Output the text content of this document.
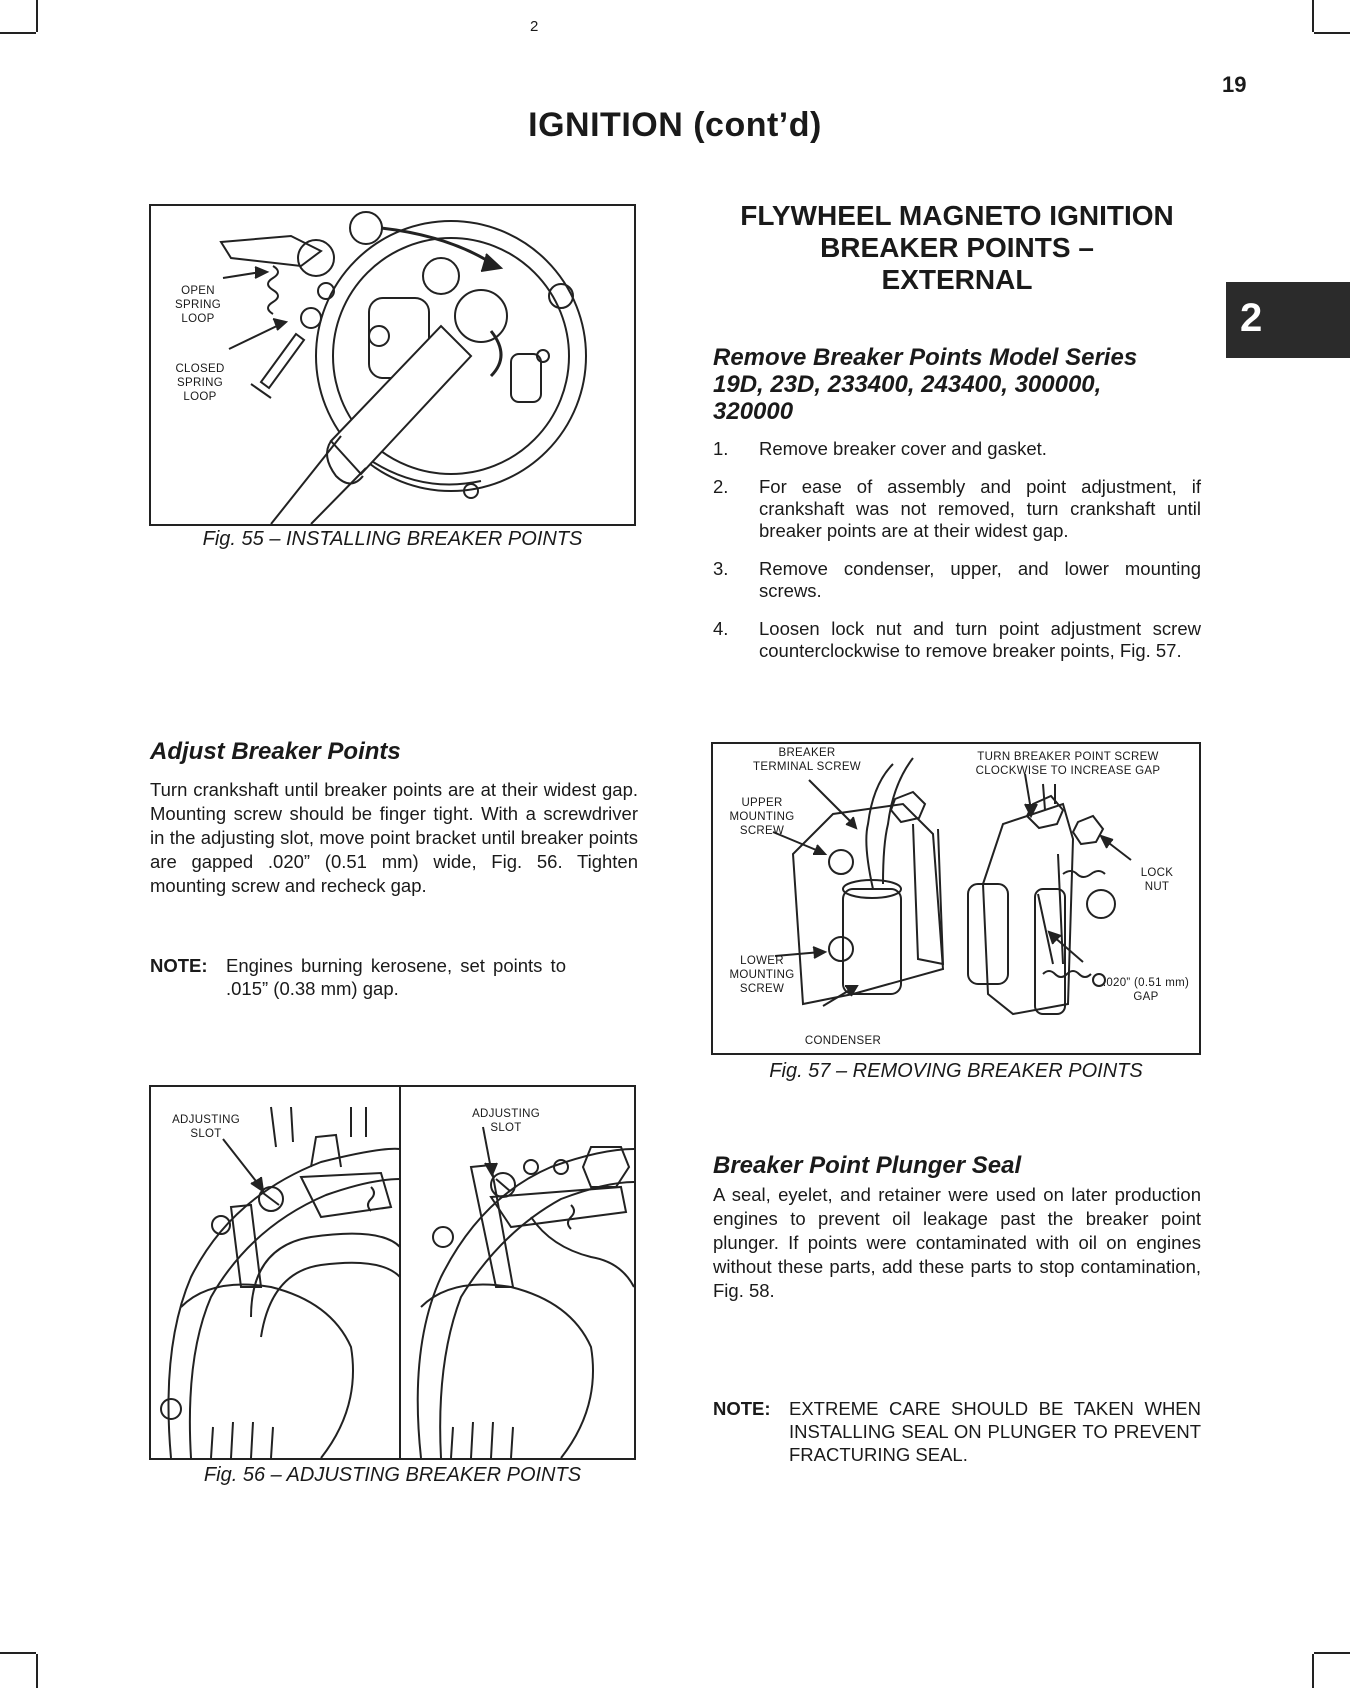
2
19
IGNITION (cont’d)
2
OPEN SPRING LOOP
CLOSED SPRING LOOP
Fig. 55 – INSTALLING BREAKER POINTS
FLYWHEEL MAGNETO IGNITION
BREAKER POINTS –
EXTERNAL
Remove Breaker Points Model Series 19D, 23D, 233400, 243400, 300000, 320000
1. Remove breaker cover and gasket.
2. For ease of assembly and point adjustment, if crankshaft was not removed, turn crankshaft until breaker points are at their widest gap.
3. Remove condenser, upper, and lower mounting screws.
4. Loosen lock nut and turn point adjustment screw counterclockwise to remove breaker points, Fig. 57.
Adjust Breaker Points
Turn crankshaft until breaker points are at their widest gap. Mounting screw should be finger tight. With a screwdriver in the adjusting slot, move point bracket until breaker points are gapped .020” (0.51 mm) wide, Fig. 56. Tighten mounting screw and recheck gap.
NOTE: Engines burning kerosene, set points to .015” (0.38 mm) gap.
BREAKER TERMINAL SCREW
TURN BREAKER POINT SCREW CLOCKWISE TO INCREASE GAP
UPPER MOUNTING SCREW
LOCK NUT
LOWER MOUNTING SCREW	.020” (0.51 mm) GAP
CONDENSER
Fig. 57 – REMOVING BREAKER POINTS
ADJUSTING SLOT
ADJUSTING SLOT
Fig. 56 – ADJUSTING BREAKER POINTS
Breaker Point Plunger Seal
A seal, eyelet, and retainer were used on later production engines to prevent oil leakage past the breaker point plunger. If points were contaminated with oil on engines without these parts, add these parts to stop contamination, Fig. 58.
NOTE: EXTREME CARE SHOULD BE TAKEN WHEN INSTALLING SEAL ON PLUNGER TO PREVENT FRACTURING SEAL.
